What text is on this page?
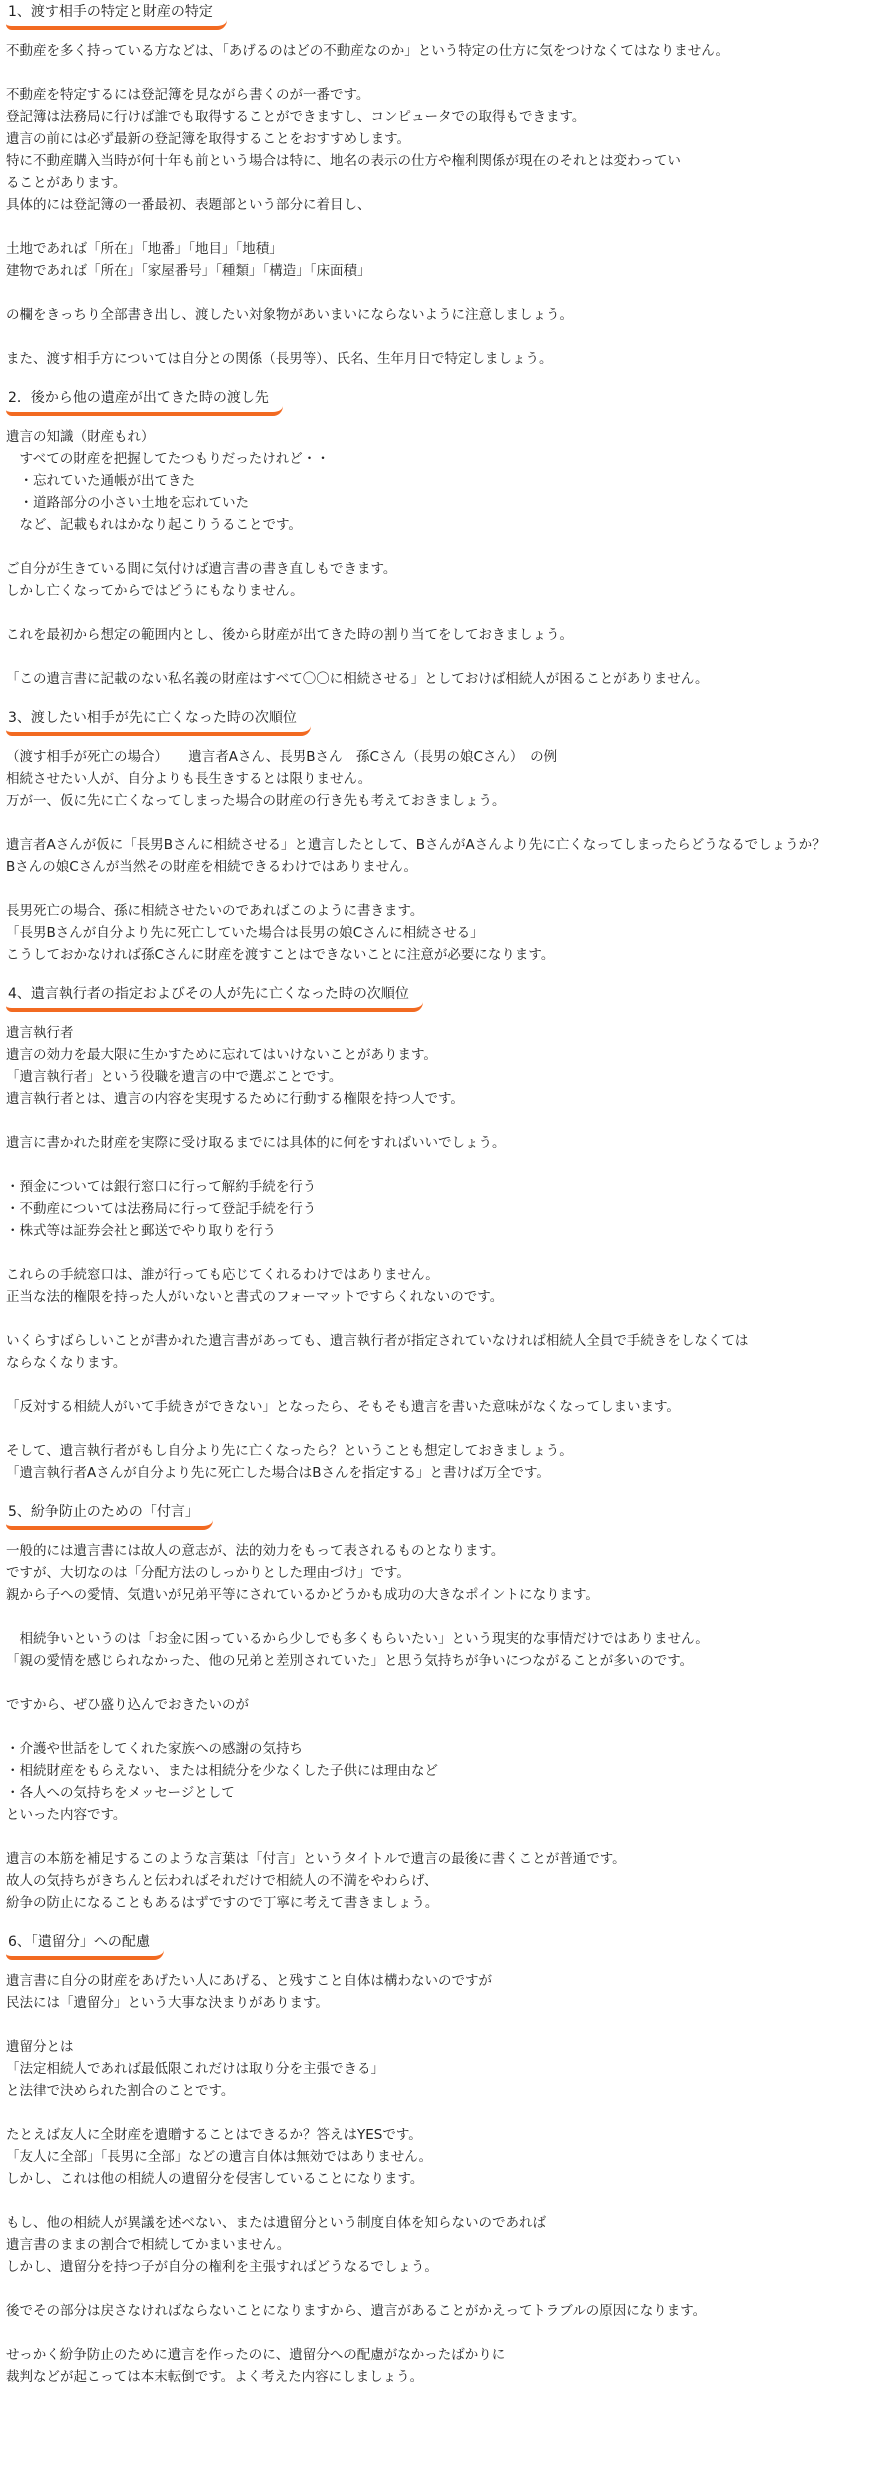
1、渡す相手の特定と財産の特定
不動産を多く持っている方などは、「あげるのはどの不動産なのか」という特定の仕方に気をつけなくてはなりません。
不動産を特定するには登記簿を見ながら書くのが一番です。
登記簿は法務局に行けば誰でも取得することができますし、コンピュータでの取得もできます。
遺言の前には必ず最新の登記簿を取得することをおすすめします。
特に不動産購入当時が何十年も前という場合は特に、地名の表示の仕方や権利関係が現在のそれとは変わってい
ることがあります。
具体的には登記簿の一番最初、表題部という部分に着目し、
土地であれば「所在」「地番」「地目」「地積」
建物であれば「所在」「家屋番号」「種類」「構造」「床面積」
の欄をきっちり全部書き出し、渡したい対象物があいまいにならないように注意しましょう。
また、渡す相手方については自分との関係（長男等）、氏名、生年月日で特定しましょう。
2．後から他の遺産が出てきた時の渡し先
遺言の知識（財産もれ）
　すべての財産を把握してたつもりだったけれど・・
　・忘れていた通帳が出てきた
　・道路部分の小さい土地を忘れていた
　など、記載もれはかなり起こりうることです。
ご自分が生きている間に気付けば遺言書の書き直しもできます。
しかし亡くなってからではどうにもなりません。
これを最初から想定の範囲内とし、後から財産が出てきた時の割り当てをしておきましょう。
「この遺言書に記載のない私名義の財産はすべて〇〇に相続させる」としておけば相続人が困ることがありません。
3、渡したい相手が先に亡くなった時の次順位
（渡す相手が死亡の場合）　　遺言者Aさん、長男Bさん　孫Cさん（長男の娘Cさん）　の例
相続させたい人が、自分よりも長生きするとは限りません。
万が一、仮に先に亡くなってしまった場合の財産の行き先も考えておきましょう。
遺言者Aさんが仮に「長男Bさんに相続させる」と遺言したとして、BさんがAさんより先に亡くなってしまったらどうなるでしょうか？
Bさんの娘Cさんが当然その財産を相続できるわけではありません。
長男死亡の場合、孫に相続させたいのであればこのように書きます。
「長男Bさんが自分より先に死亡していた場合は長男の娘Cさんに相続させる」
こうしておかなければ孫Cさんに財産を渡すことはできないことに注意が必要になります。
4、遺言執行者の指定およびその人が先に亡くなった時の次順位
遺言執行者
遺言の効力を最大限に生かすために忘れてはいけないことがあります。
「遺言執行者」という役職を遺言の中で選ぶことです。
遺言執行者とは、遺言の内容を実現するために行動する権限を持つ人です。
遺言に書かれた財産を実際に受け取るまでには具体的に何をすればいいでしょう。
・預金については銀行窓口に行って解約手続を行う
・不動産については法務局に行って登記手続を行う
・株式等は証券会社と郵送でやり取りを行う
これらの手続窓口は、誰が行っても応じてくれるわけではありません。
正当な法的権限を持った人がいないと書式のフォーマットですらくれないのです。
いくらすばらしいことが書かれた遺言書があっても、遺言執行者が指定されていなければ相続人全員で手続きをしなくては
ならなくなります。
「反対する相続人がいて手続きができない」となったら、そもそも遺言を書いた意味がなくなってしまいます。
そして、遺言執行者がもし自分より先に亡くなったら？ということも想定しておきましょう。
「遺言執行者Aさんが自分より先に死亡した場合はBさんを指定する」と書けば万全です。
5、紛争防止のための「付言」
一般的には遺言書には故人の意志が、法的効力をもって表されるものとなります。
ですが、大切なのは「分配方法のしっかりとした理由づけ」です。
親から子への愛情、気遣いが兄弟平等にされているかどうかも成功の大きなポイントになります。
　相続争いというのは「お金に困っているから少しでも多くもらいたい」という現実的な事情だけではありません。
「親の愛情を感じられなかった、他の兄弟と差別されていた」と思う気持ちが争いにつながることが多いのです。
ですから、ぜひ盛り込んでおきたいのが
・介護や世話をしてくれた家族への感謝の気持ち
・相続財産をもらえない、または相続分を少なくした子供には理由など
・各人への気持ちをメッセージとして
といった内容です。
遺言の本筋を補足するこのような言葉は「付言」というタイトルで遺言の最後に書くことが普通です。
故人の気持ちがきちんと伝わればそれだけで相続人の不満をやわらげ、
紛争の防止になることもあるはずですので丁寧に考えて書きましょう。
6、「遺留分」への配慮
遺言書に自分の財産をあげたい人にあげる、と残すこと自体は構わないのですが
民法には「遺留分」という大事な決まりがあります。
遺留分とは
「法定相続人であれば最低限これだけは取り分を主張できる」
と法律で決められた割合のことです。
たとえば友人に全財産を遺贈することはできるか？答えはYESです。
「友人に全部」「長男に全部」などの遺言自体は無効ではありません。
しかし、これは他の相続人の遺留分を侵害していることになります。
もし、他の相続人が異議を述べない、または遺留分という制度自体を知らないのであれば
遺言書のままの割合で相続してかまいません。
しかし、遺留分を持つ子が自分の権利を主張すればどうなるでしょう。
後でその部分は戻さなければならないことになりますから、遺言があることがかえってトラブルの原因になります。
せっかく紛争防止のために遺言を作ったのに、遺留分への配慮がなかったばかりに
裁判などが起こっては本末転倒です。よく考えた内容にしましょう。
